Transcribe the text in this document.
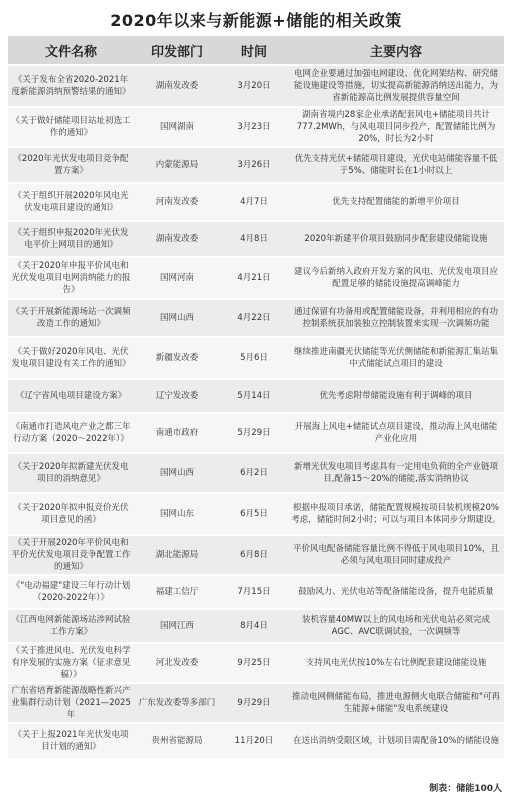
2020年以来与新能源+储能的相关政策
文件名称	印发部门	时间	主要内容
《关于发布全省2020-2021年度新能源消纳预警结果的通知》	湖南发改委	3月20日	电网企业要通过加强电网建设、优化网架结构、研究储能设施建设等措施，切实提高新能源消纳送出能力，为省新能源高比例发展提供容量空间
《关于做好储能项目站址初选工作的通知》	国网湖南	3月23日	湖南省境内28家企业承诺配套风电+储能项目共计777.2MWh，与风电项目同步投产，配置储能比例为20%，时长为2小时
《2020年光伏发电项目竞争配置方案》	内蒙能源局	3月26日	优先支持光伏+储能项目建设，光伏电站储能容量不低于5%、储能时长在1小时以上
《关于组织开展2020年风电光伏发电项目建设的通知》	河南发改委	4月7日	优先支持配置储能的新增平价项目
《关于组织申报2020年光伏发电平价上网项目的通知》	湖南发改委	4月8日	2020年新建平价项目鼓励同步配套建设储能设施
《关于2020年申报平价风电和光伏发电项目电网消纳能力的报告》	国网河南	4月21日	建议今后新纳入政府开发方案的风电、光伏发电项目应配置足够的储能设施提高调峰能力
《关于开展新能源场站一次调频改造工作的通知》	国网山西	4月22日	通过保留有功备用或配置储能设备，并利用相应的有功控制系统获加装独立控制装置来实现一次调频功能
《关于做好2020年风电、光伏发电项目建设有关工作的通知》	新疆发改委	5月6日	继续推进南疆光伏储能等光伏侧储能和新能源汇集站集中式储能试点项目的建设
《辽宁省风电项目建设方案》	辽宁发改委	5月14日	优先考虑附带储能设施有利于调峰的项目
《南通市打造风电产业之都三年行动方案（2020～2022年）》	南通市政府	5月29日	开展海上风电+储能试点项目建设，推动海上风电储能产业化应用
《关于2020年拟新建光伏发电项目的消纳意见》	国网山西	6月2日	新增光伏发电项目考虑具有一定用电负荷的全产业链项目,配备15～20%的储能,落实消纳协议
《关于2020年拟申报竞价光伏项目意见的函》	国网山东	6月5日	根据申报项目承诺，储能配置规模按项目装机规模20%考虑，储能时间2小时；可以与项目本体同步分期建设。
《关于开展2020年平价风电和平价光伏发电项目竞争配置工作的通知》	湖北能源局	6月8日	平价风电配备储能容量比例不得低于风电项目10%，且必须与风电项目同时建成投产
《"电动福建"建设三年行动计划（2020-2022年）》	福建工信厅	7月15日	鼓励风力、光伏电站等配备储能设备，提升电能质量
《江西电网新能源场站涉网试验工作方案》	国网江西	8月4日	装机容量40MW以上的风电场和光伏电站必须完成AGC、AVC联调试验，一次调频等
《关于推进风电、光伏发电科学有序发展的实施方案（征求意见稿）》	河北发改委	9月25日	支持风电光伏按10%左右比例配套建设储能设施
广东省培育新能源战略性新兴产业集群行动计划（2021—2025年	广东发改委等多部门	9月29日	推动电网侧储能布局，推进电源侧火电联合储能和"可再生能源+储能"发电系统建设
《关于上报2021年光伏发电项目计划的通知》	贵州省能源局	11月20日	在送出消纳受限区域，计划项目需配备10%的储能设施
制表：储能100人
